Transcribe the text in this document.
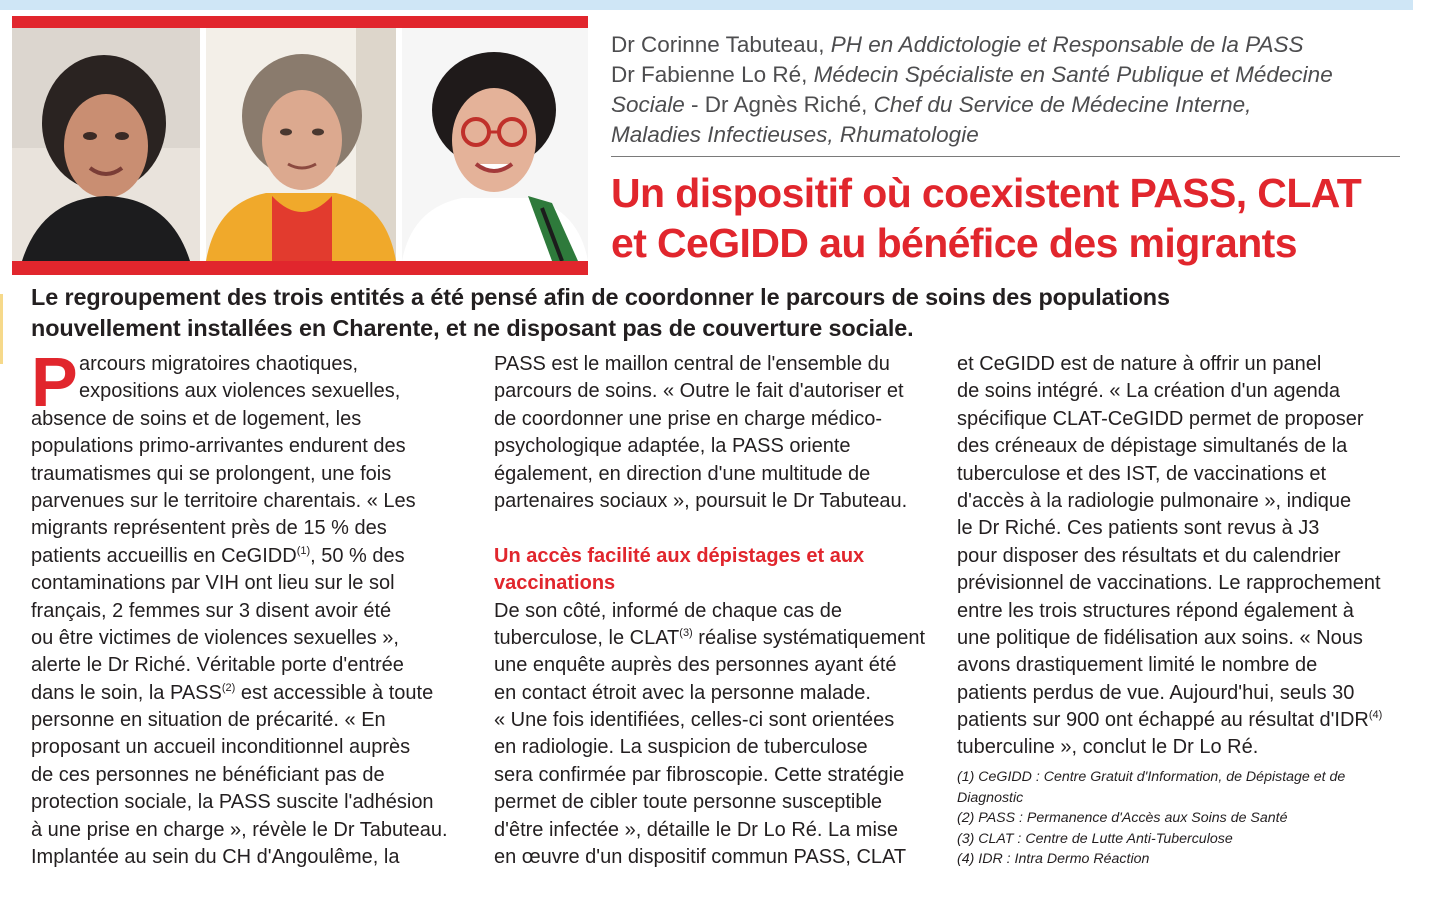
Dr Corinne Tabuteau, PH en Addictologie et Responsable de la PASS
Dr Fabienne Lo Ré, Médecin Spécialiste en Santé Publique et Médecine
Sociale - Dr Agnès Riché, Chef du Service de Médecine Interne,
Maladies Infectieuses, Rhumatologie
Un dispositif où coexistent PASS, CLAT
et CeGIDD au bénéfice des migrants
Le regroupement des trois entités a été pensé afin de coordonner le parcours de soins des populations
nouvellement installées en Charente, et ne disposant pas de couverture sociale.
P arcours migratoires chaotiques,
expositions aux violences sexuelles,
absence de soins et de logement, les
populations primo-arrivantes endurent des
traumatismes qui se prolongent, une fois
parvenues sur le territoire charentais. « Les
migrants représentent près de 15 % des
patients accueillis en CeGIDD$^{(1)}$, 50 % des
contaminations par VIH ont lieu sur le sol
français, 2 femmes sur 3 disent avoir été
ou être victimes de violences sexuelles »,
alerte le Dr Riché. Véritable porte d'entrée
dans le soin, la PASS$^{(2)}$ est accessible à toute
personne en situation de précarité. « En
proposant un accueil inconditionnel auprès
de ces personnes ne bénéficiant pas de
protection sociale, la PASS suscite l'adhésion
à une prise en charge », révèle le Dr Tabuteau.
Implantée au sein du CH d'Angoulême, la
PASS est le maillon central de l'ensemble du
parcours de soins. « Outre le fait d'autoriser et
de coordonner une prise en charge médico-
psychologique adaptée, la PASS oriente
également, en direction d'une multitude de
partenaires sociaux », poursuit le Dr Tabuteau.
Un accès facilité aux dépistages et aux
vaccinations
De son côté, informé de chaque cas de
tuberculose, le CLAT$^{(3)}$ réalise systématiquement
une enquête auprès des personnes ayant été
en contact étroit avec la personne malade.
« Une fois identifiées, celles-ci sont orientées
en radiologie. La suspicion de tuberculose
sera confirmée par fibroscopie. Cette stratégie
permet de cibler toute personne susceptible
d'être infectée », détaille le Dr Lo Ré. La mise
en œuvre d'un dispositif commun PASS, CLAT
et CeGIDD est de nature à offrir un panel
de soins intégré. « La création d'un agenda
spécifique CLAT-CeGIDD permet de proposer
des créneaux de dépistage simultanés de la
tuberculose et des IST, de vaccinations et
d'accès à la radiologie pulmonaire », indique
le Dr Riché. Ces patients sont revus à J3
pour disposer des résultats et du calendrier
prévisionnel de vaccinations. Le rapprochement
entre les trois structures répond également à
une politique de fidélisation aux soins. « Nous
avons drastiquement limité le nombre de
patients perdus de vue. Aujourd'hui, seuls 30
patients sur 900 ont échappé au résultat d'IDR$^{(4)}$
tuberculine », conclut le Dr Lo Ré.
(1) CeGIDD : Centre Gratuit d'Information, de Dépistage et de
Diagnostic
(2) PASS : Permanence d'Accès aux Soins de Santé
(3) CLAT : Centre de Lutte Anti-Tuberculose
(4) IDR : Intra Dermo Réaction
